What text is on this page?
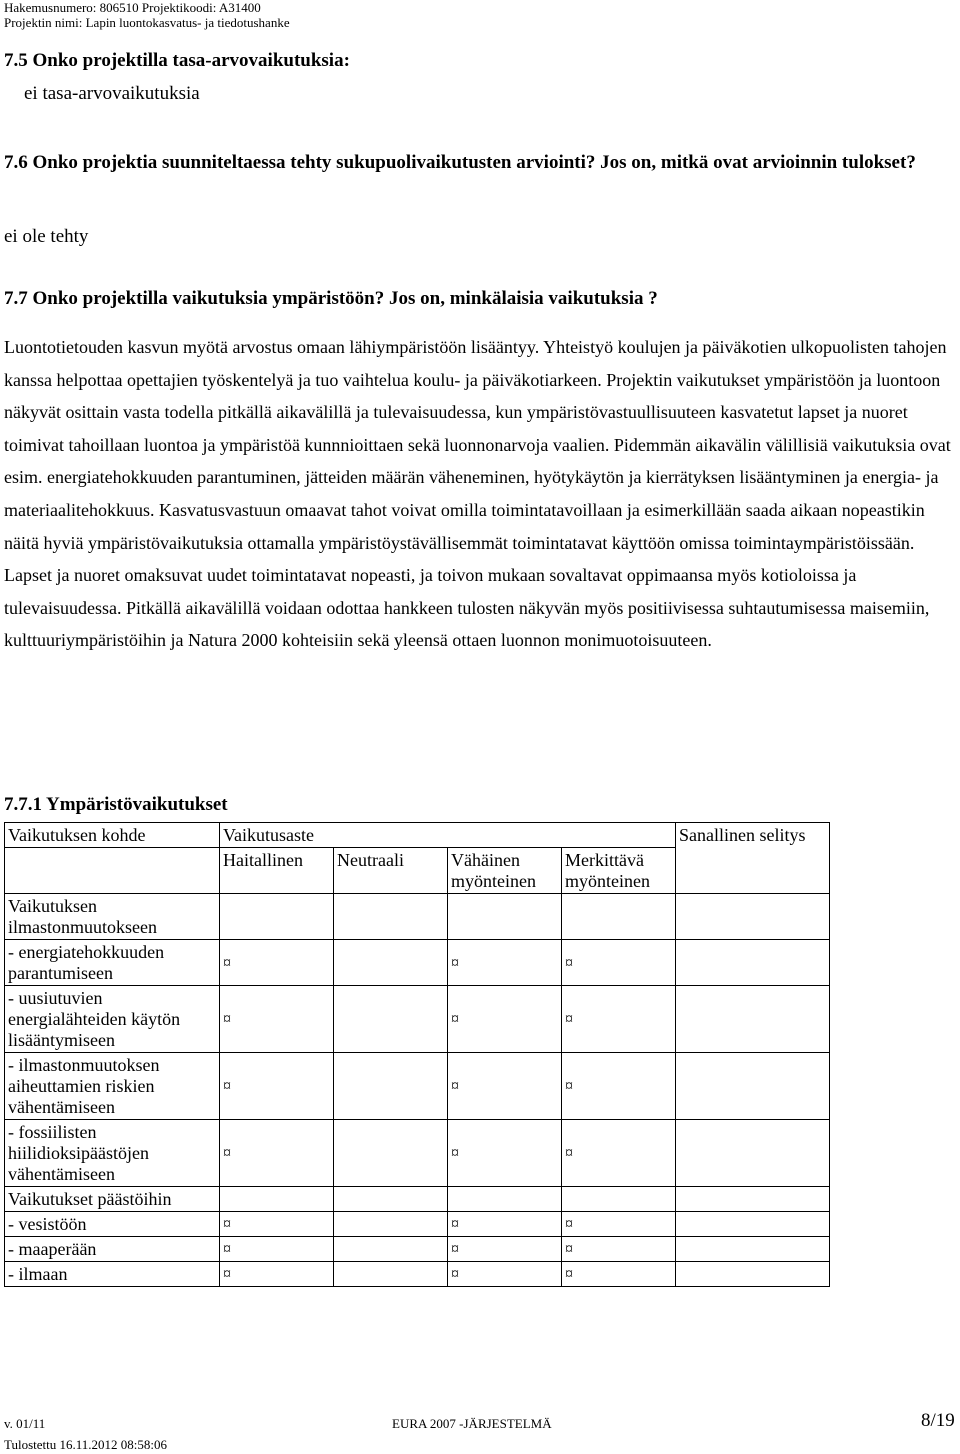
Hakemusnumero: 806510 Projektikoodi: A31400
Projektin nimi: Lapin luontokasvatus- ja tiedotushanke
7.5 Onko projektilla tasa-arvovaikutuksia:
ei tasa-arvovaikutuksia
7.6 Onko projektia suunniteltaessa tehty sukupuolivaikutusten arviointi? Jos on, mitkä ovat arvioinnin tulokset?
ei ole tehty
7.7 Onko projektilla vaikutuksia ympäristöön? Jos on, minkälaisia vaikutuksia ?
Luontotietouden kasvun myötä arvostus omaan lähiympäristöön lisääntyy. Yhteistyö koulujen ja päiväkotien ulkopuolisten tahojen kanssa helpottaa opettajien työskentelyä ja tuo vaihtelua koulu- ja päiväkotiarkeen. Projektin vaikutukset ympäristöön ja luontoon näkyvät osittain vasta todella pitkällä aikavälillä ja tulevaisuudessa, kun ympäristövastuullisuuteen kasvatetut lapset ja nuoret toimivat tahoillaan luontoa ja ympäristöä kunnnioittaen sekä luonnonarvoja vaalien. Pidemmän aikavälin välillisiä vaikutuksia ovat esim. energiatehokkuuden parantuminen, jätteiden määrän väheneminen, hyötykäytön ja kierrätyksen lisääntyminen ja energia- ja materiaalitehokkuus. Kasvatusvastuun omaavat tahot voivat omilla toimintatavoillaan ja esimerkillään saada aikaan nopeastikin näitä hyviä ympäristövaikutuksia ottamalla ympäristöystävällisemmät toimintatavat käyttöön omissa toimintaympäristöissään. Lapset ja nuoret omaksuvat uudet toimintatavat nopeasti, ja toivon mukaan sovaltavat oppimaansa myös kotioloissa ja tulevaisuudessa. Pitkällä aikavälillä voidaan odottaa hankkeen tulosten näkyvän myös positiivisessa suhtautumisessa maisemiin, kulttuuriympäristöihin ja Natura 2000 kohteisiin sekä yleensä ottaen luonnon monimuotoisuuteen.
7.7.1 Ympäristövaikutukset
Vaikutuksen kohde	Vaikutusaste				Sanallinen selitys
	Haitallinen	Neutraali	Vähäinen myönteinen	Merkittävä myönteinen	
Vaikutuksen ilmastonmuutokseen					
- energiatehokkuuden parantumiseen	¤		¤	¤	
- uusiutuvien energialähteiden käytön lisääntymiseen	¤		¤	¤	
- ilmastonmuutoksen aiheuttamien riskien vähentämiseen	¤		¤	¤	
- fossiilisten hiilidioksipäästöjen vähentämiseen	¤		¤	¤	
Vaikutukset päästöihin					
- vesistöön	¤		¤	¤	
- maaperään	¤		¤	¤	
- ilmaan	¤		¤	¤	
v. 01/11	EURA 2007 -JÄRJESTELMÄ	8/19
Tulostettu 16.11.2012 08:58:06
